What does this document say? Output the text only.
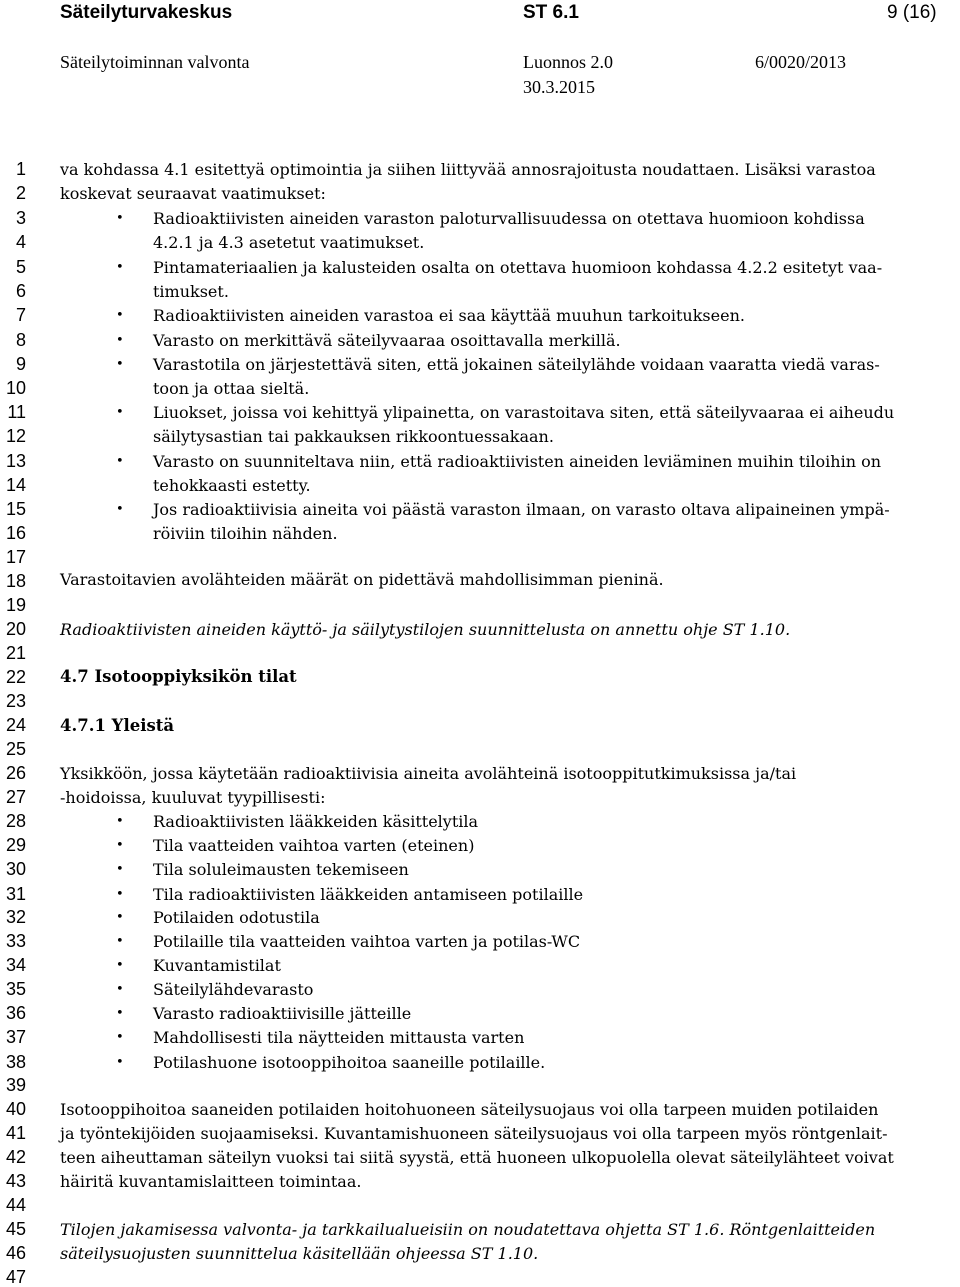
Säteilyturvakeskus	ST 6.1	9 (16)
Säteilytoiminnan valvonta	Luonnos 2.0
30.3.2015
6/0020/2013
1
2
3
4
5
6
7
8
9
10
11
12
13
14
15
16
17
18
19
20
21
22
23
24
25
26
27
28
29
30
31
32
33
34
35
36
37
38
39
40
41
42
43
44
45
46
47
va kohdassa 4.1 esitettyä optimointia ja siihen liittyvää annosrajoitusta noudattaen. Lisäksi varastoa
koskevat seuraavat vaatimukset:
• Radioaktiivisten aineiden varaston paloturvallisuudessa on otettava huomioon kohdissa
4.2.1 ja 4.3 asetetut vaatimukset.
• Pintamateriaalien ja kalusteiden osalta on otettava huomioon kohdassa 4.2.2 esitetyt vaa-
timukset.
• Radioaktiivisten aineiden varastoa ei saa käyttää muuhun tarkoitukseen.
• Varasto on merkittävä säteilyvaaraa osoittavalla merkillä.
• Varastotila on järjestettävä siten, että jokainen säteilylähde voidaan vaaratta viedä varas-
toon ja ottaa sieltä.
• Liuokset, joissa voi kehittyä ylipainetta, on varastoitava siten, että säteilyvaaraa ei aiheudu
säilytysastian tai pakkauksen rikkoontuessakaan.
• Varasto on suunniteltava niin, että radioaktiivisten aineiden leviäminen muihin tiloihin on
tehokkaasti estetty.
• Jos radioaktiivisia aineita voi päästä varaston ilmaan, on varasto oltava alipaineinen ympä-
röiviin tiloihin nähden.
Varastoitavien avolähteiden määrät on pidettävä mahdollisimman pieninä.
Radioaktiivisten aineiden käyttö- ja säilytystilojen suunnittelusta on annettu ohje ST 1.10.
4.7 Isotooppiyksikön tilat
4.7.1 Yleistä
Yksikköön, jossa käytetään radioaktiivisia aineita avolähteinä isotooppitutkimuksissa ja/tai
-hoidoissa, kuuluvat tyypillisesti:
• Radioaktiivisten lääkkeiden käsittelytila
• Tila vaatteiden vaihtoa varten (eteinen)
• Tila soluleimausten tekemiseen
• Tila radioaktiivisten lääkkeiden antamiseen potilaille
• Potilaiden odotustila
• Potilaille tila vaatteiden vaihtoa varten ja potilas-WC
• Kuvantamistilat
• Säteilylähdevarasto
• Varasto radioaktiivisille jätteille
• Mahdollisesti tila näytteiden mittausta varten
• Potilashuone isotooppihoitoa saaneille potilaille.
Isotooppihoitoa saaneiden potilaiden hoitohuoneen säteilysuojaus voi olla tarpeen muiden potilaiden
ja työntekijöiden suojaamiseksi. Kuvantamishuoneen säteilysuojaus voi olla tarpeen myös röntgenlait-
teen aiheuttaman säteilyn vuoksi tai siitä syystä, että huoneen ulkopuolella olevat säteilylähteet voivat
häiritä kuvantamislaitteen toimintaa.
Tilojen jakamisessa valvonta- ja tarkkailualueisiin on noudatettava ohjetta ST 1.6. Röntgenlaitteiden
säteilysuojusten suunnittelua käsitellään ohjeessa ST 1.10.
